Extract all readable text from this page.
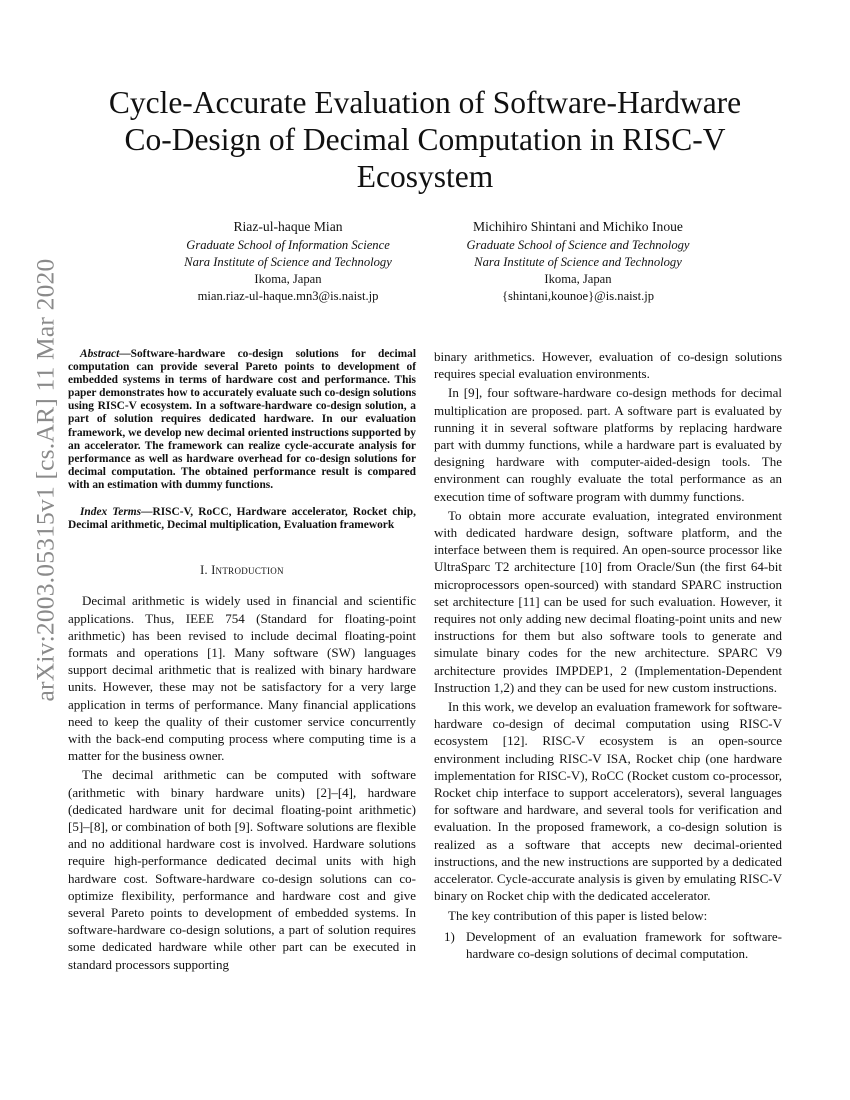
arXiv:2003.05315v1 [cs.AR] 11 Mar 2020
Cycle-Accurate Evaluation of Software-Hardware
Co-Design of Decimal Computation in RISC-V
Ecosystem
Riaz-ul-haque Mian
Graduate School of Information Science
Nara Institute of Science and Technology
Ikoma, Japan
mian.riaz-ul-haque.mn3@is.naist.jp
Michihiro Shintani and Michiko Inoue
Graduate School of Science and Technology
Nara Institute of Science and Technology
Ikoma, Japan
{shintani,kounoe}@is.naist.jp

Abstract—Software-hardware co-design solutions for decimal computation can provide several Pareto points to development of embedded systems in terms of hardware cost and performance. This paper demonstrates how to accurately evaluate such co-design solutions using RISC-V ecosystem. In a software-hardware co-design solution, a part of solution requires dedicated hardware. In our evaluation framework, we develop new decimal oriented instructions supported by an accelerator. The framework can realize cycle-accurate analysis for performance as well as hardware overhead for co-design solutions for decimal computation. The obtained performance result is compared with an estimation with dummy functions.

Index Terms—RISC-V, RoCC, Hardware accelerator, Rocket chip, Decimal arithmetic, Decimal multiplication, Evaluation framework

I. Introduction

Decimal arithmetic is widely used in financial and scientific applications. Thus, IEEE 754 (Standard for floating-point arithmetic) has been revised to include decimal floating-point formats and operations [1]. Many software (SW) languages support decimal arithmetic that is realized with binary hardware units. However, these may not be satisfactory for a very large application in terms of performance. Many financial applications need to keep the quality of their customer service concurrently with the back-end computing process where computing time is a matter for the business owner.

The decimal arithmetic can be computed with software (arithmetic with binary hardware units) [2]–[4], hardware (dedicated hardware unit for decimal floating-point arithmetic) [5]–[8], or combination of both [9]. Software solutions are flexible and no additional hardware cost is involved. Hardware solutions require high-performance dedicated decimal units with high hardware cost. Software-hardware co-design solutions can co-optimize flexibility, performance and hardware cost and give several Pareto points to development of embedded systems. In software-hardware co-design solutions, a part of solution requires some dedicated hardware while other part can be executed in standard processors supporting

binary arithmetics. However, evaluation of co-design solutions requires special evaluation environments.

In [9], four software-hardware co-design methods for decimal multiplication are proposed. part. A software part is evaluated by running it in several software platforms by replacing hardware part with dummy functions, while a hardware part is evaluated by designing hardware with computer-aided-design tools. The environment can roughly evaluate the total performance as an execution time of software program with dummy functions.

To obtain more accurate evaluation, integrated environment with dedicated hardware design, software platform, and the interface between them is required. An open-source processor like UltraSparc T2 architecture [10] from Oracle/Sun (the first 64-bit microprocessors open-sourced) with standard SPARC instruction set architecture [11] can be used for such evaluation. However, it requires not only adding new decimal floating-point units and new instructions for them but also software tools to generate and simulate binary codes for the new architecture. SPARC V9 architecture provides IMPDEP1, 2 (Implementation-Dependent Instruction 1,2) and they can be used for new custom instructions.

In this work, we develop an evaluation framework for software-hardware co-design of decimal computation using RISC-V ecosystem [12]. RISC-V ecosystem is an open-source environment including RISC-V ISA, Rocket chip (one hardware implementation for RISC-V), RoCC (Rocket custom co-processor, Rocket chip interface to support accelerators), several languages for software and hardware, and several tools for verification and evaluation. In the proposed framework, a co-design solution is realized as a software that accepts new decimal-oriented instructions, and the new instructions are supported by a dedicated accelerator. Cycle-accurate analysis is given by emulating RISC-V binary on Rocket chip with the dedicated accelerator.

The key contribution of this paper is listed below:

1) Development of an evaluation framework for software-hardware co-design solutions of decimal computation.
